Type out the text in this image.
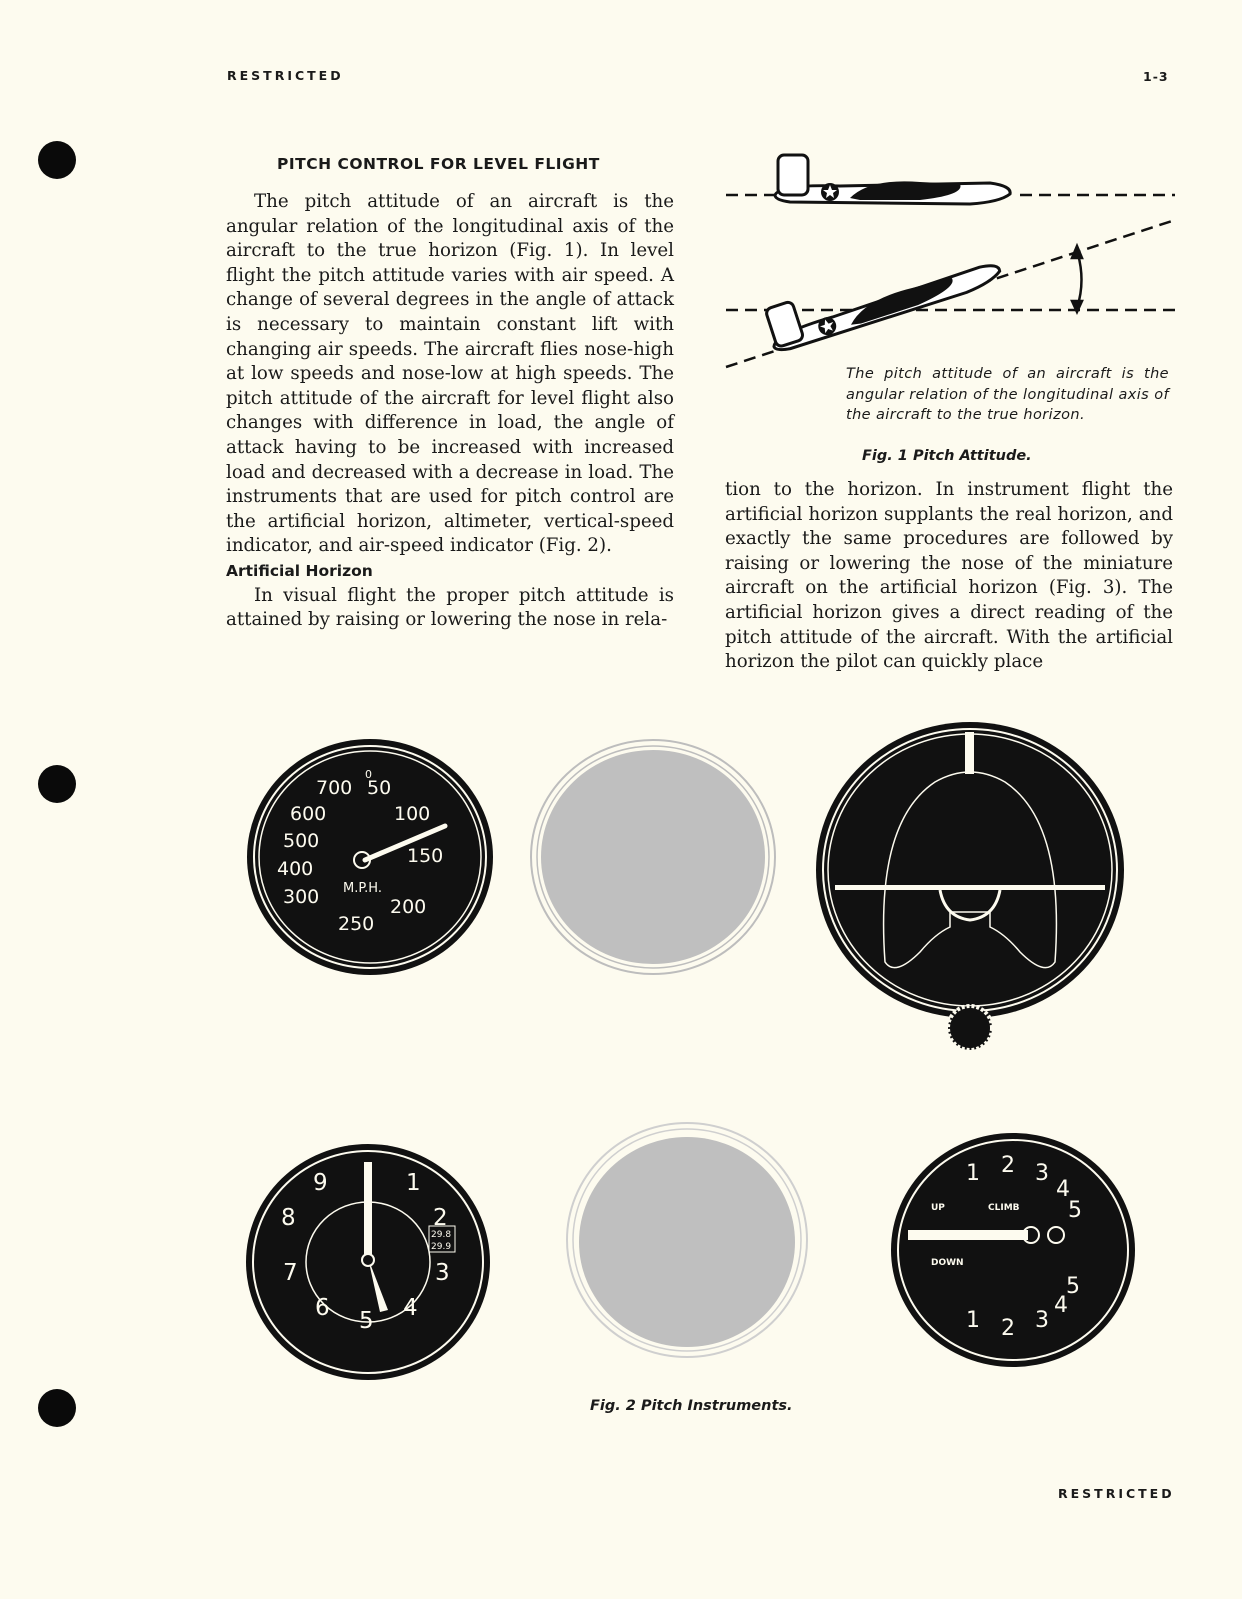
RESTRICTED	1-3
PITCH CONTROL FOR LEVEL FLIGHT

The pitch attitude of an aircraft is the angular relation of the longitudinal axis of the aircraft to the true horizon (Fig. 1). In level flight the pitch attitude varies with air speed. A change of several degrees in the angle of attack is necessary to maintain constant lift with changing air speeds. The aircraft flies nose-high at low speeds and nose-low at high speeds. The pitch attitude of the aircraft for level flight also changes with difference in load, the angle of attack having to be increased with increased load and decreased with a decrease in load. The instruments that are used for pitch control are the artificial horizon, altimeter, vertical-speed indicator, and air-speed indicator (Fig. 2).

Artificial Horizon

In visual flight the proper pitch attitude is attained by raising or lowering the nose in rela-

tion to the horizon. In instrument flight the artificial horizon supplants the real horizon, and exactly the same procedures are followed by raising or lowering the nose of the miniature aircraft on the artificial horizon (Fig. 3). The artificial horizon gives a direct reading of the pitch attitude of the aircraft. With the artificial horizon the pilot can quickly place

The pitch attitude of an aircraft is the angular relation of the longitudinal axis of the aircraft to the true horizon.
Fig. 1 Pitch Attitude.
0
700 50
600	100
500
150
400
300	200
250
M.P.H.
9	1
8	2
7	3
6 5 4
29.8
29.9
1 2 3
4
5
5
4
3
2
1
UP	CLIMB
DOWN
Fig. 2 Pitch Instruments.
RESTRICTED
